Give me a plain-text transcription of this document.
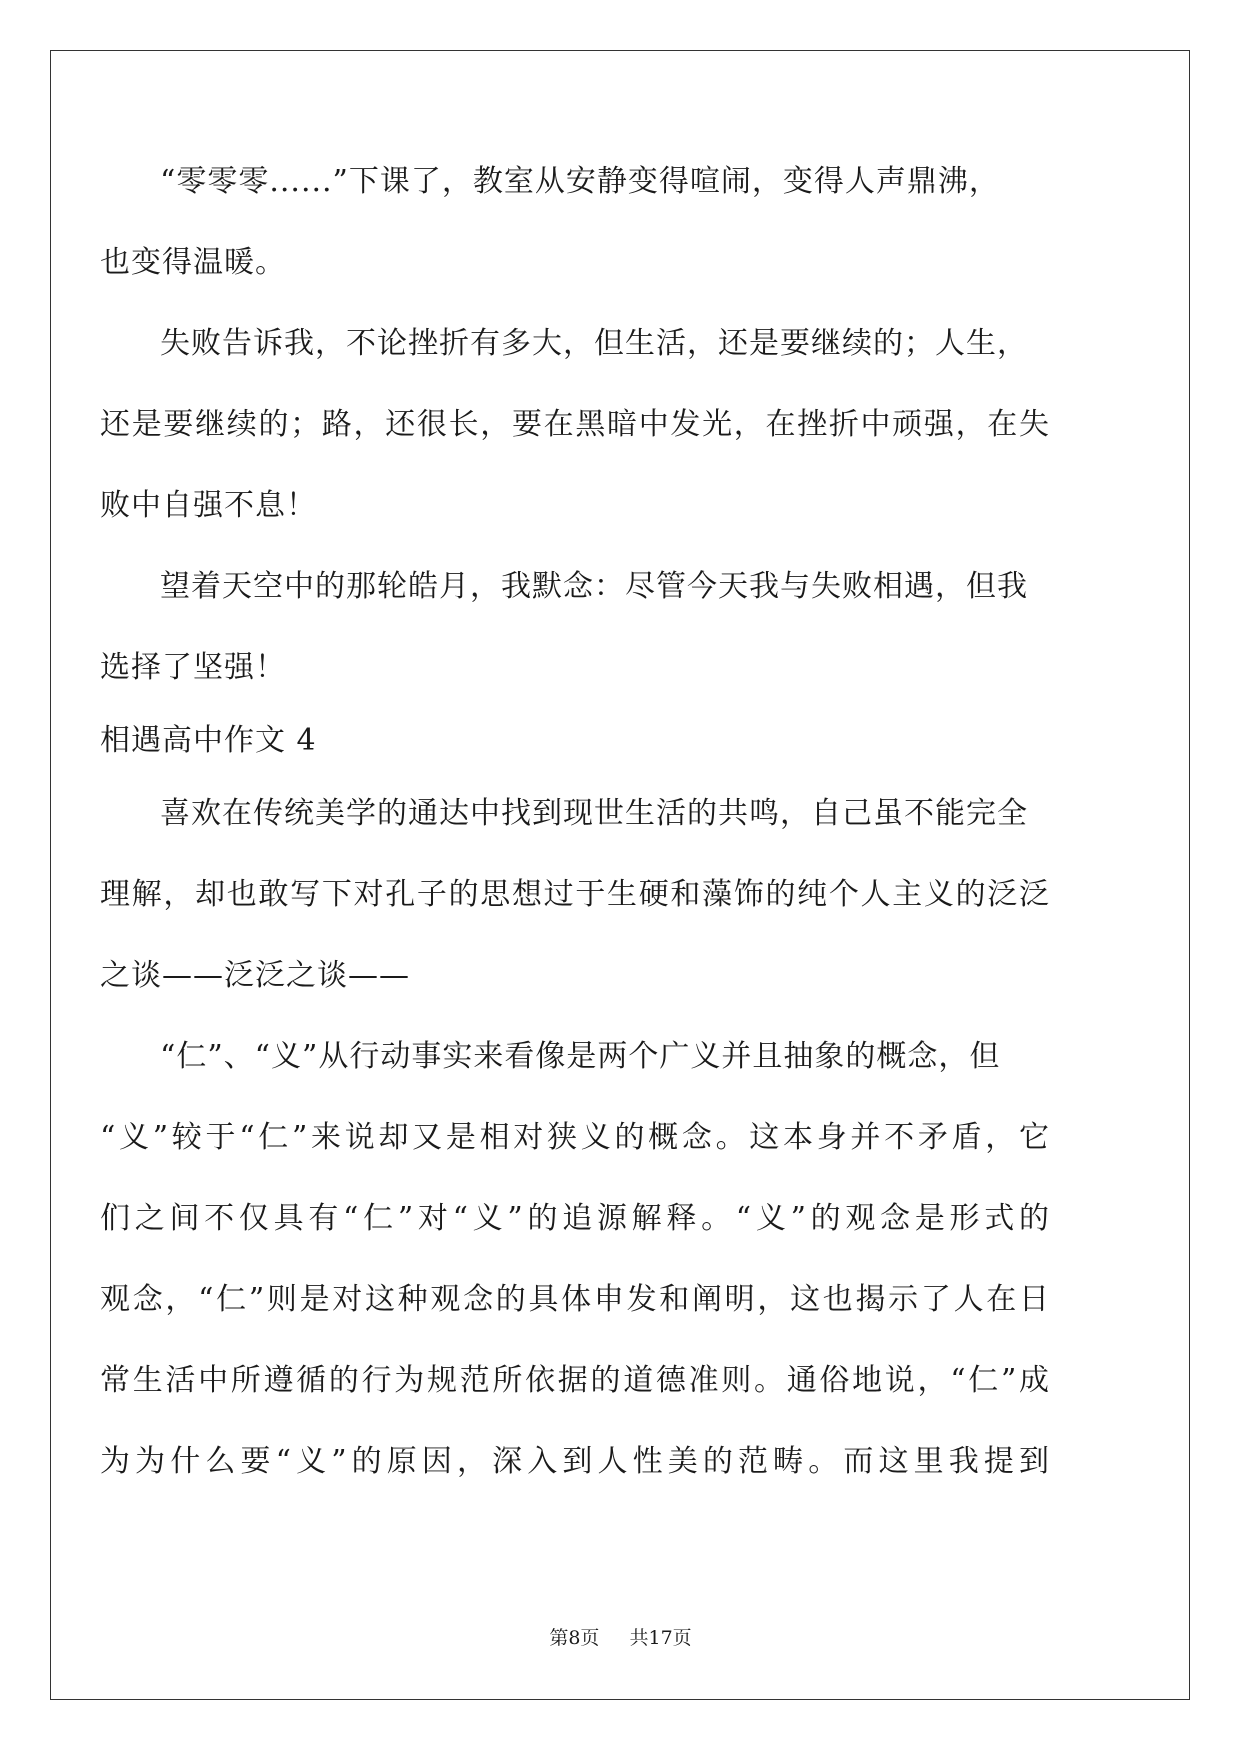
“零零零......”下课了，教室从安静变得喧闹，变得人声鼎沸，
也变得温暖。
失败告诉我，不论挫折有多大，但生活，还是要继续的；人生，
还是要继续的；路，还很长，要在黑暗中发光，在挫折中顽强，在失
败中自强不息！
望着天空中的那轮皓月，我默念：尽管今天我与失败相遇，但我
选择了坚强！
相遇高中作文 4
喜欢在传统美学的通达中找到现世生活的共鸣，自己虽不能完全
理解，却也敢写下对孔子的思想过于生硬和藻饰的纯个人主义的泛泛
之谈——泛泛之谈——
“仁”、“义”从行动事实来看像是两个广义并且抽象的概念，但
“义”较于“仁”来说却又是相对狭义的概念。这本身并不矛盾，它
们之间不仅具有“仁”对“义”的追源解释。“义”的观念是形式的
观念，“仁”则是对这种观念的具体申发和阐明，这也揭示了人在日
常生活中所遵循的行为规范所依据的道德准则。通俗地说，“仁”成
为为什么要“义”的原因，深入到人性美的范畴。而这里我提到
第8页 共17页
